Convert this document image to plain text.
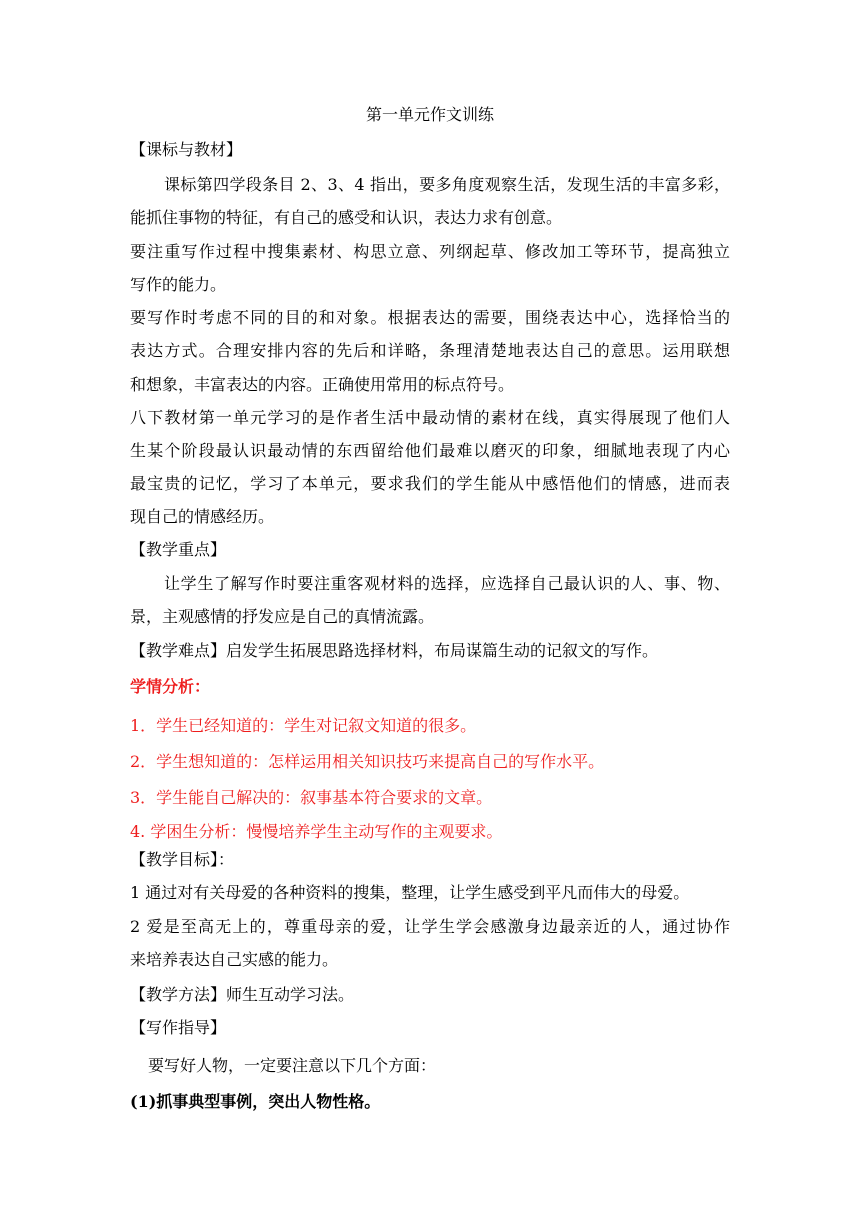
第一单元作文训练
【课标与教材】
课标第四学段条目 2、3、4 指出，要多角度观察生活，发现生活的丰富多彩，
能抓住事物的特征，有自己的感受和认识，表达力求有创意。
要注重写作过程中搜集素材、构思立意、列纲起草、修改加工等环节，提高独立
写作的能力。
要写作时考虑不同的目的和对象。根据表达的需要，围绕表达中心，选择恰当的
表达方式。合理安排内容的先后和详略，条理清楚地表达自己的意思。运用联想
和想象，丰富表达的内容。正确使用常用的标点符号。
八下教材第一单元学习的是作者生活中最动情的素材在线，真实得展现了他们人
生某个阶段最认识最动情的东西留给他们最难以磨灭的印象，细腻地表现了内心
最宝贵的记忆，学习了本单元，要求我们的学生能从中感悟他们的情感，进而表
现自己的情感经历。
【教学重点】
让学生了解写作时要注重客观材料的选择，应选择自己最认识的人、事、物、
景，主观感情的抒发应是自己的真情流露。
【教学难点】启发学生拓展思路选择材料，布局谋篇生动的记叙文的写作。
学情分析：
1．学生已经知道的：学生对记叙文知道的很多。
2．学生想知道的：怎样运用相关知识技巧来提高自己的写作水平。
3．学生能自己解决的：叙事基本符合要求的文章。
4. 学困生分析：慢慢培养学生主动写作的主观要求。
【教学目标】：
1 通过对有关母爱的各种资料的搜集，整理，让学生感受到平凡而伟大的母爱。
2 爱是至高无上的，尊重母亲的爱，让学生学会感激身边最亲近的人，通过协作
来培养表达自己实感的能力。
【教学方法】师生互动学习法。
【写作指导】
要写好人物，一定要注意以下几个方面：
(1)抓事典型事例，突出人物性格。
